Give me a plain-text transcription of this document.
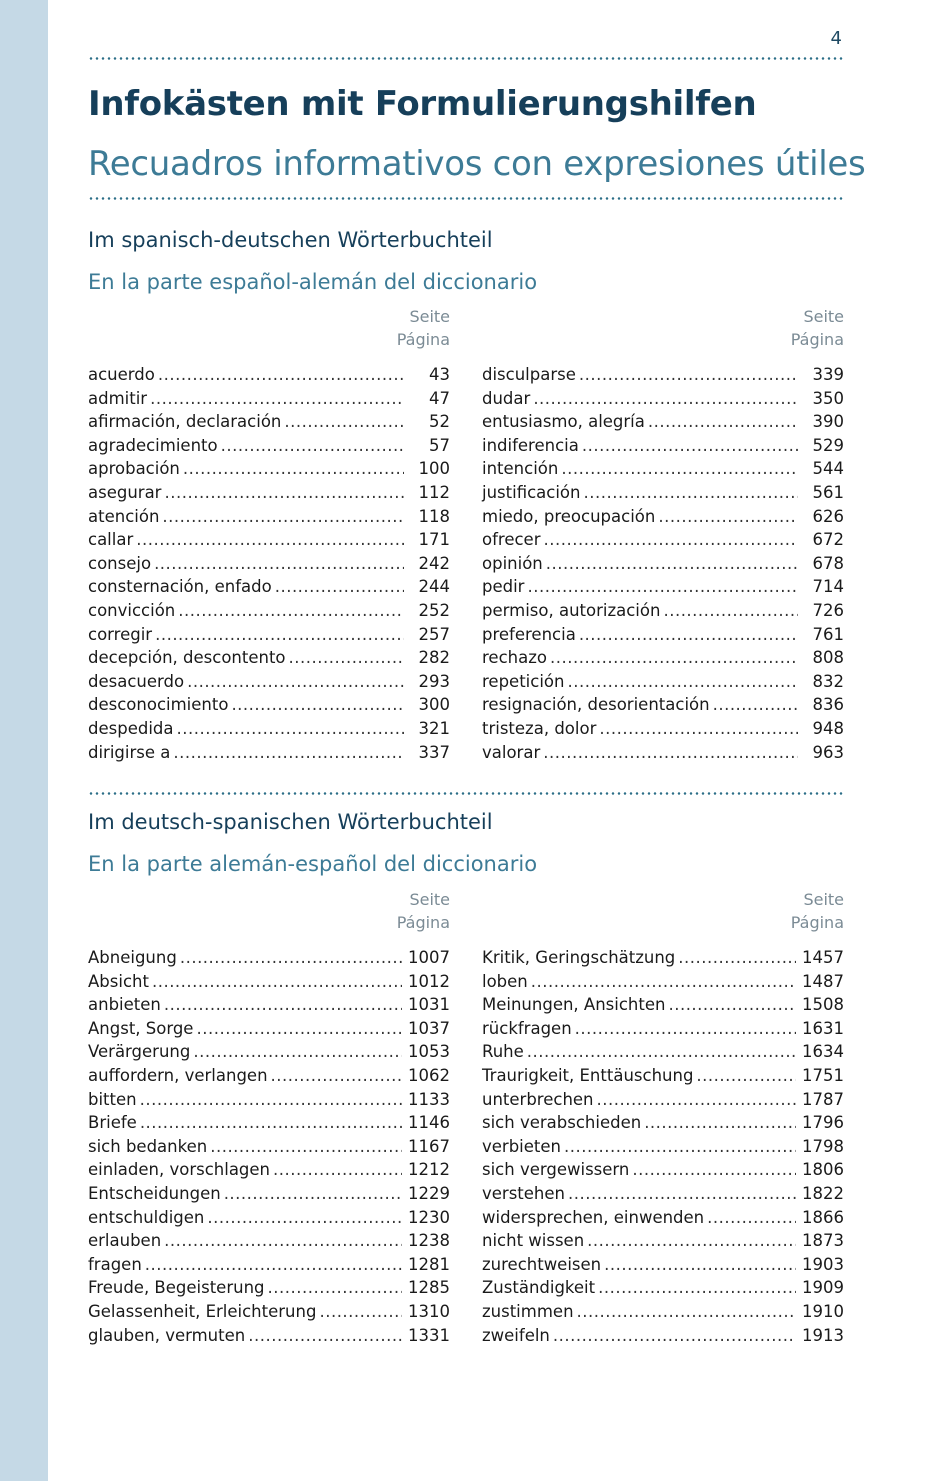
4
Infokästen mit Formulierungshilfen
Recuadros informativos con expresiones útiles
Im spanisch-deutschen Wörterbuchteil
En la parte español-alemán del diccionario
Seite
Página
acuerdo .....	43
admitir .....	47
afirmación, declaración .....	52
agradecimiento .....	57
aprobación .....	100
asegurar .....	112
atención .....	118
callar .....	171
consejo .....	242
consternación, enfado .....	244
convicción .....	252
corregir .....	257
decepción, descontento .....	282
desacuerdo .....	293
desconocimiento .....	300
despedida .....	321
dirigirse a .....	337
Seite
Página
disculparse .....	339
dudar .....	350
entusiasmo, alegría .....	390
indiferencia .....	529
intención .....	544
justificación .....	561
miedo, preocupación .....	626
ofrecer .....	672
opinión .....	678
pedir .....	714
permiso, autorización .....	726
preferencia .....	761
rechazo .....	808
repetición .....	832
resignación, desorientación .....	836
tristeza, dolor .....	948
valorar .....	963
Im deutsch-spanischen Wörterbuchteil
En la parte alemán-español del diccionario
Seite
Página
Abneigung .....	1007
Absicht .....	1012
anbieten .....	1031
Angst, Sorge .....	1037
Verärgerung .....	1053
auffordern, verlangen .....	1062
bitten .....	1133
Briefe .....	1146
sich bedanken .....	1167
einladen, vorschlagen .....	1212
Entscheidungen .....	1229
entschuldigen .....	1230
erlauben .....	1238
fragen .....	1281
Freude, Begeisterung .....	1285
Gelassenheit, Erleichterung .....	1310
glauben, vermuten .....	1331
Seite
Página
Kritik, Geringschätzung .....	1457
loben .....	1487
Meinungen, Ansichten .....	1508
rückfragen .....	1631
Ruhe .....	1634
Traurigkeit, Enttäuschung .....	1751
unterbrechen .....	1787
sich verabschieden .....	1796
verbieten .....	1798
sich vergewissern .....	1806
verstehen .....	1822
widersprechen, einwenden .....	1866
nicht wissen .....	1873
zurechtweisen .....	1903
Zuständigkeit .....	1909
zustimmen .....	1910
zweifeln .....	1913
